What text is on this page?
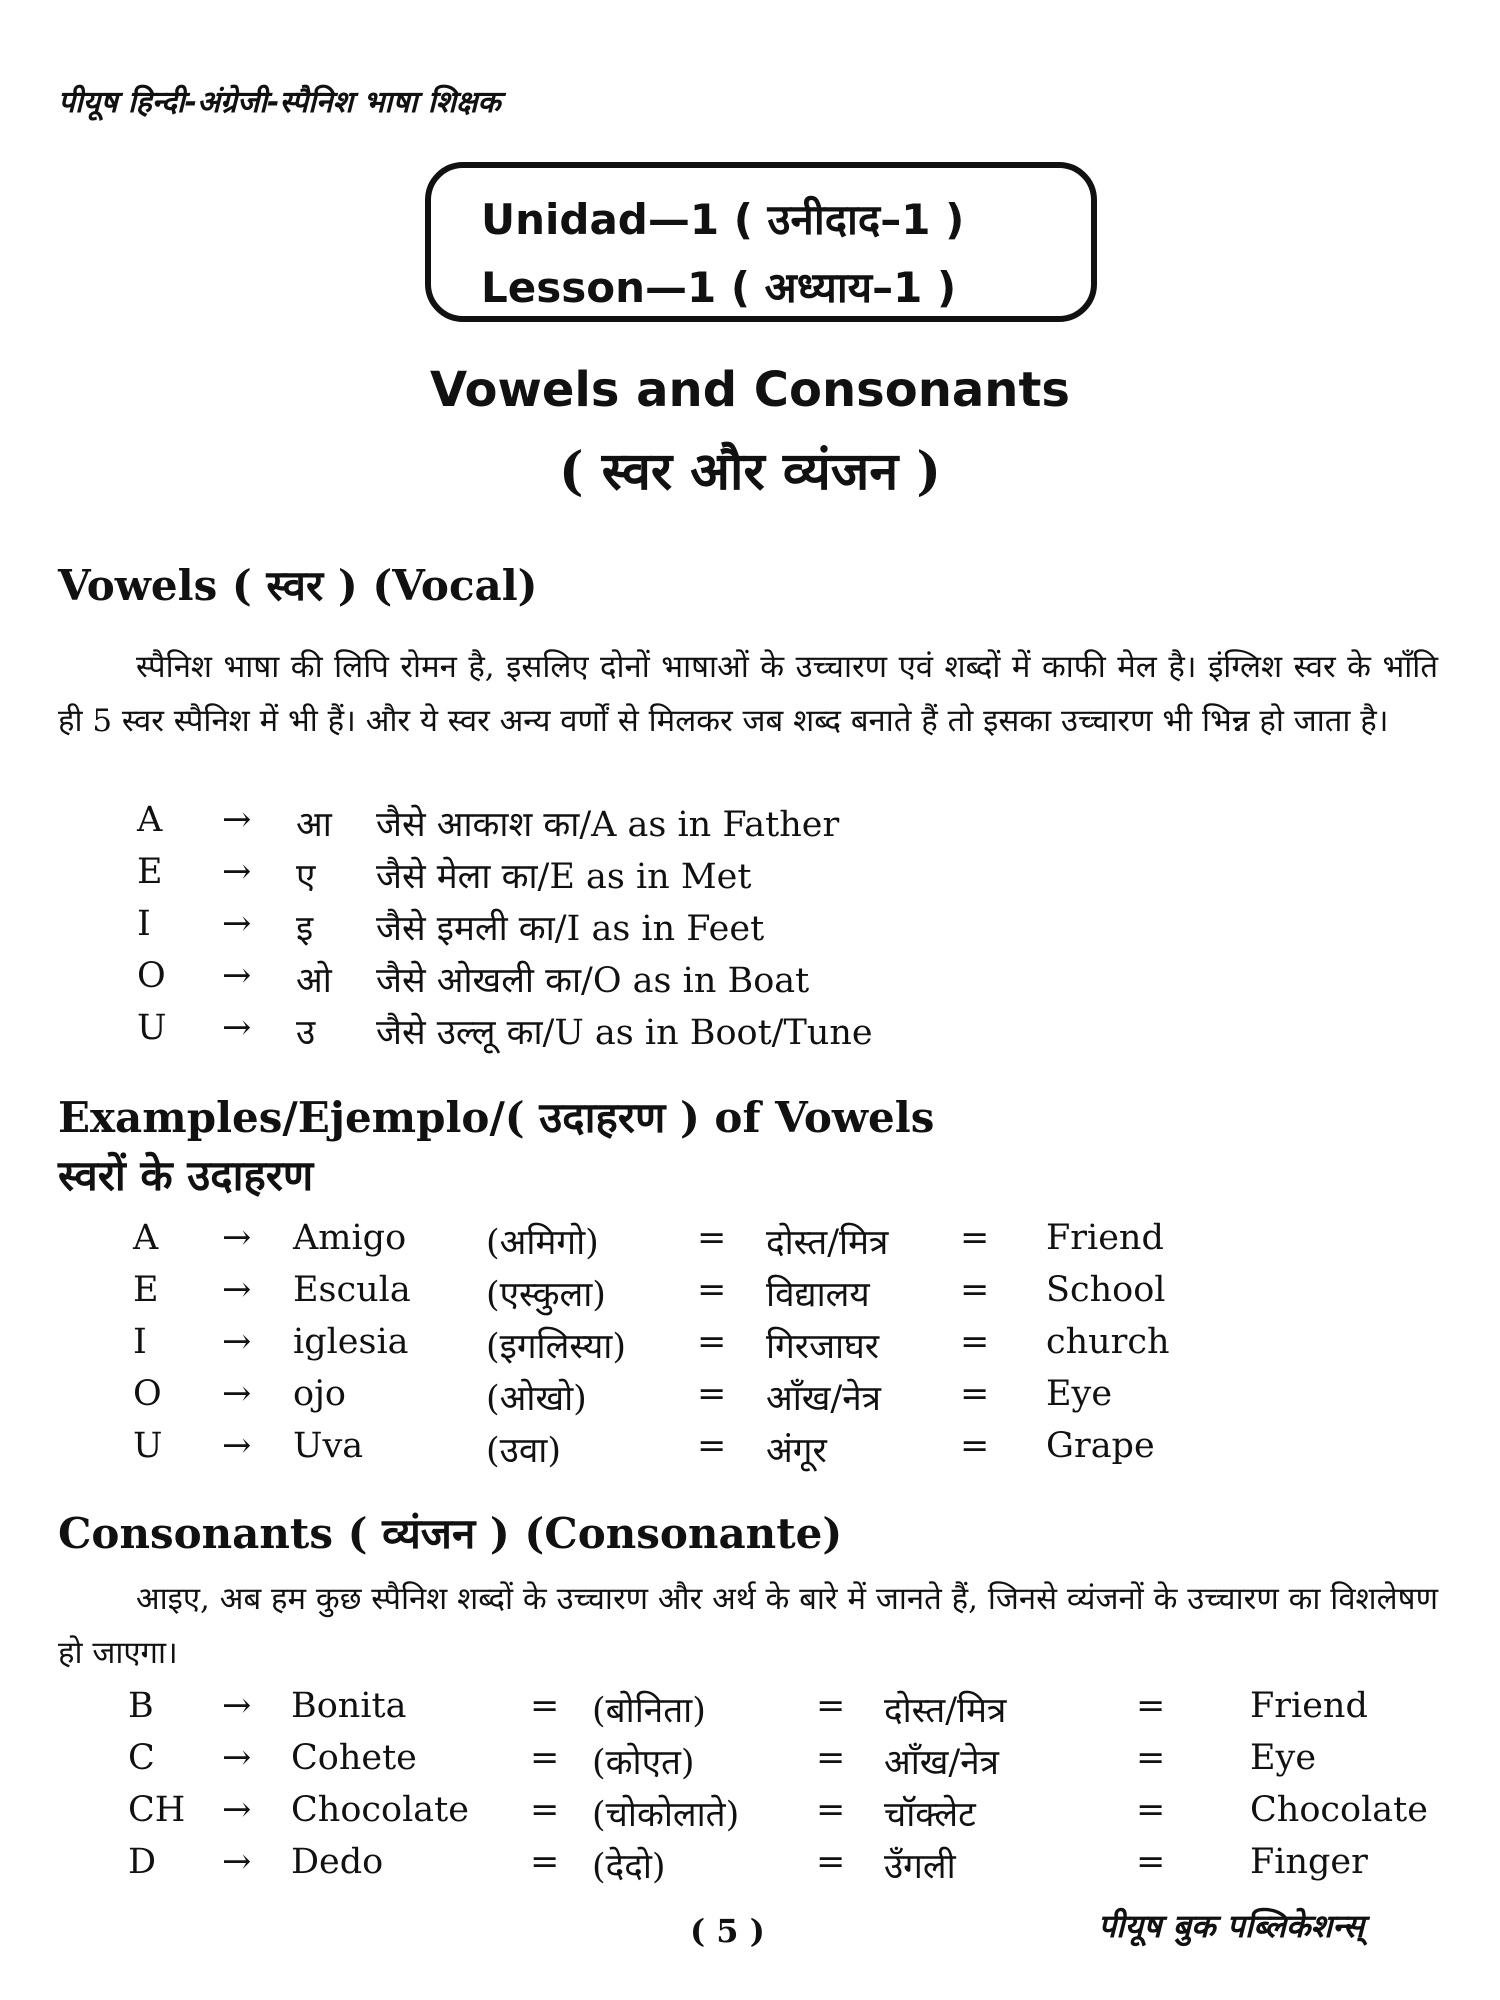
पीयूष हिन्दी-अंग्रेजी-स्पैनिश भाषा शिक्षक
Unidad—1 ( उनीदाद–1 )
Lesson—1 ( अध्याय–1 )
Vowels and Consonants
( स्वर और व्यंजन )
Vowels ( स्वर ) (Vocal)
स्पैनिश भाषा की लिपि रोमन है, इसलिए दोनों भाषाओं के उच्चारण एवं शब्दों में काफी मेल है। इंग्लिश स्वर के भाँति ही 5 स्वर स्पैनिश में भी हैं। और ये स्वर अन्य वर्णों से मिलकर जब शब्द बनाते हैं तो इसका उच्चारण भी भिन्न हो जाता है।
A → आ जैसे आकाश का/A as in Father
E → ए जैसे मेला का/E as in Met
I → इ जैसे इमली का/I as in Feet
O → ओ जैसे ओखली का/O as in Boat
U → उ जैसे उल्लू का/U as in Boot/Tune
Examples/Ejemplo/( उदाहरण ) of Vowels
स्वरों के उदाहरण
A → Amigo (अमिगो)	= दोस्त/मित्र = Friend
E → Escula (एस्कुला)	= विद्यालय	= School
I → iglesia (इगलिस्या) = गिरजाघर = church
O → ojo	(ओखो)	= आँख/नेत्र = Eye
U → Uva	(उवा)	= अंगूर	= Grape
Consonants ( व्यंजन ) (Consonante)
आइए, अब हम कुछ स्पैनिश शब्दों के उच्चारण और अर्थ के बारे में जानते हैं, जिनसे व्यंजनों के उच्चारण का विशलेषण हो जाएगा।
B → Bonita	= (बोनिता)	= दोस्त/मित्र	= Friend
C → Cohete	= (कोएत)	= आँख/नेत्र	= Eye
CH → Chocolate = (चोकोलाते) = चॉक्लेट	= Chocolate
D → Dedo	= (देदो)	= उँगली	= Finger
( 5 )	पीयूष बुक पब्लिकेशन्स्
